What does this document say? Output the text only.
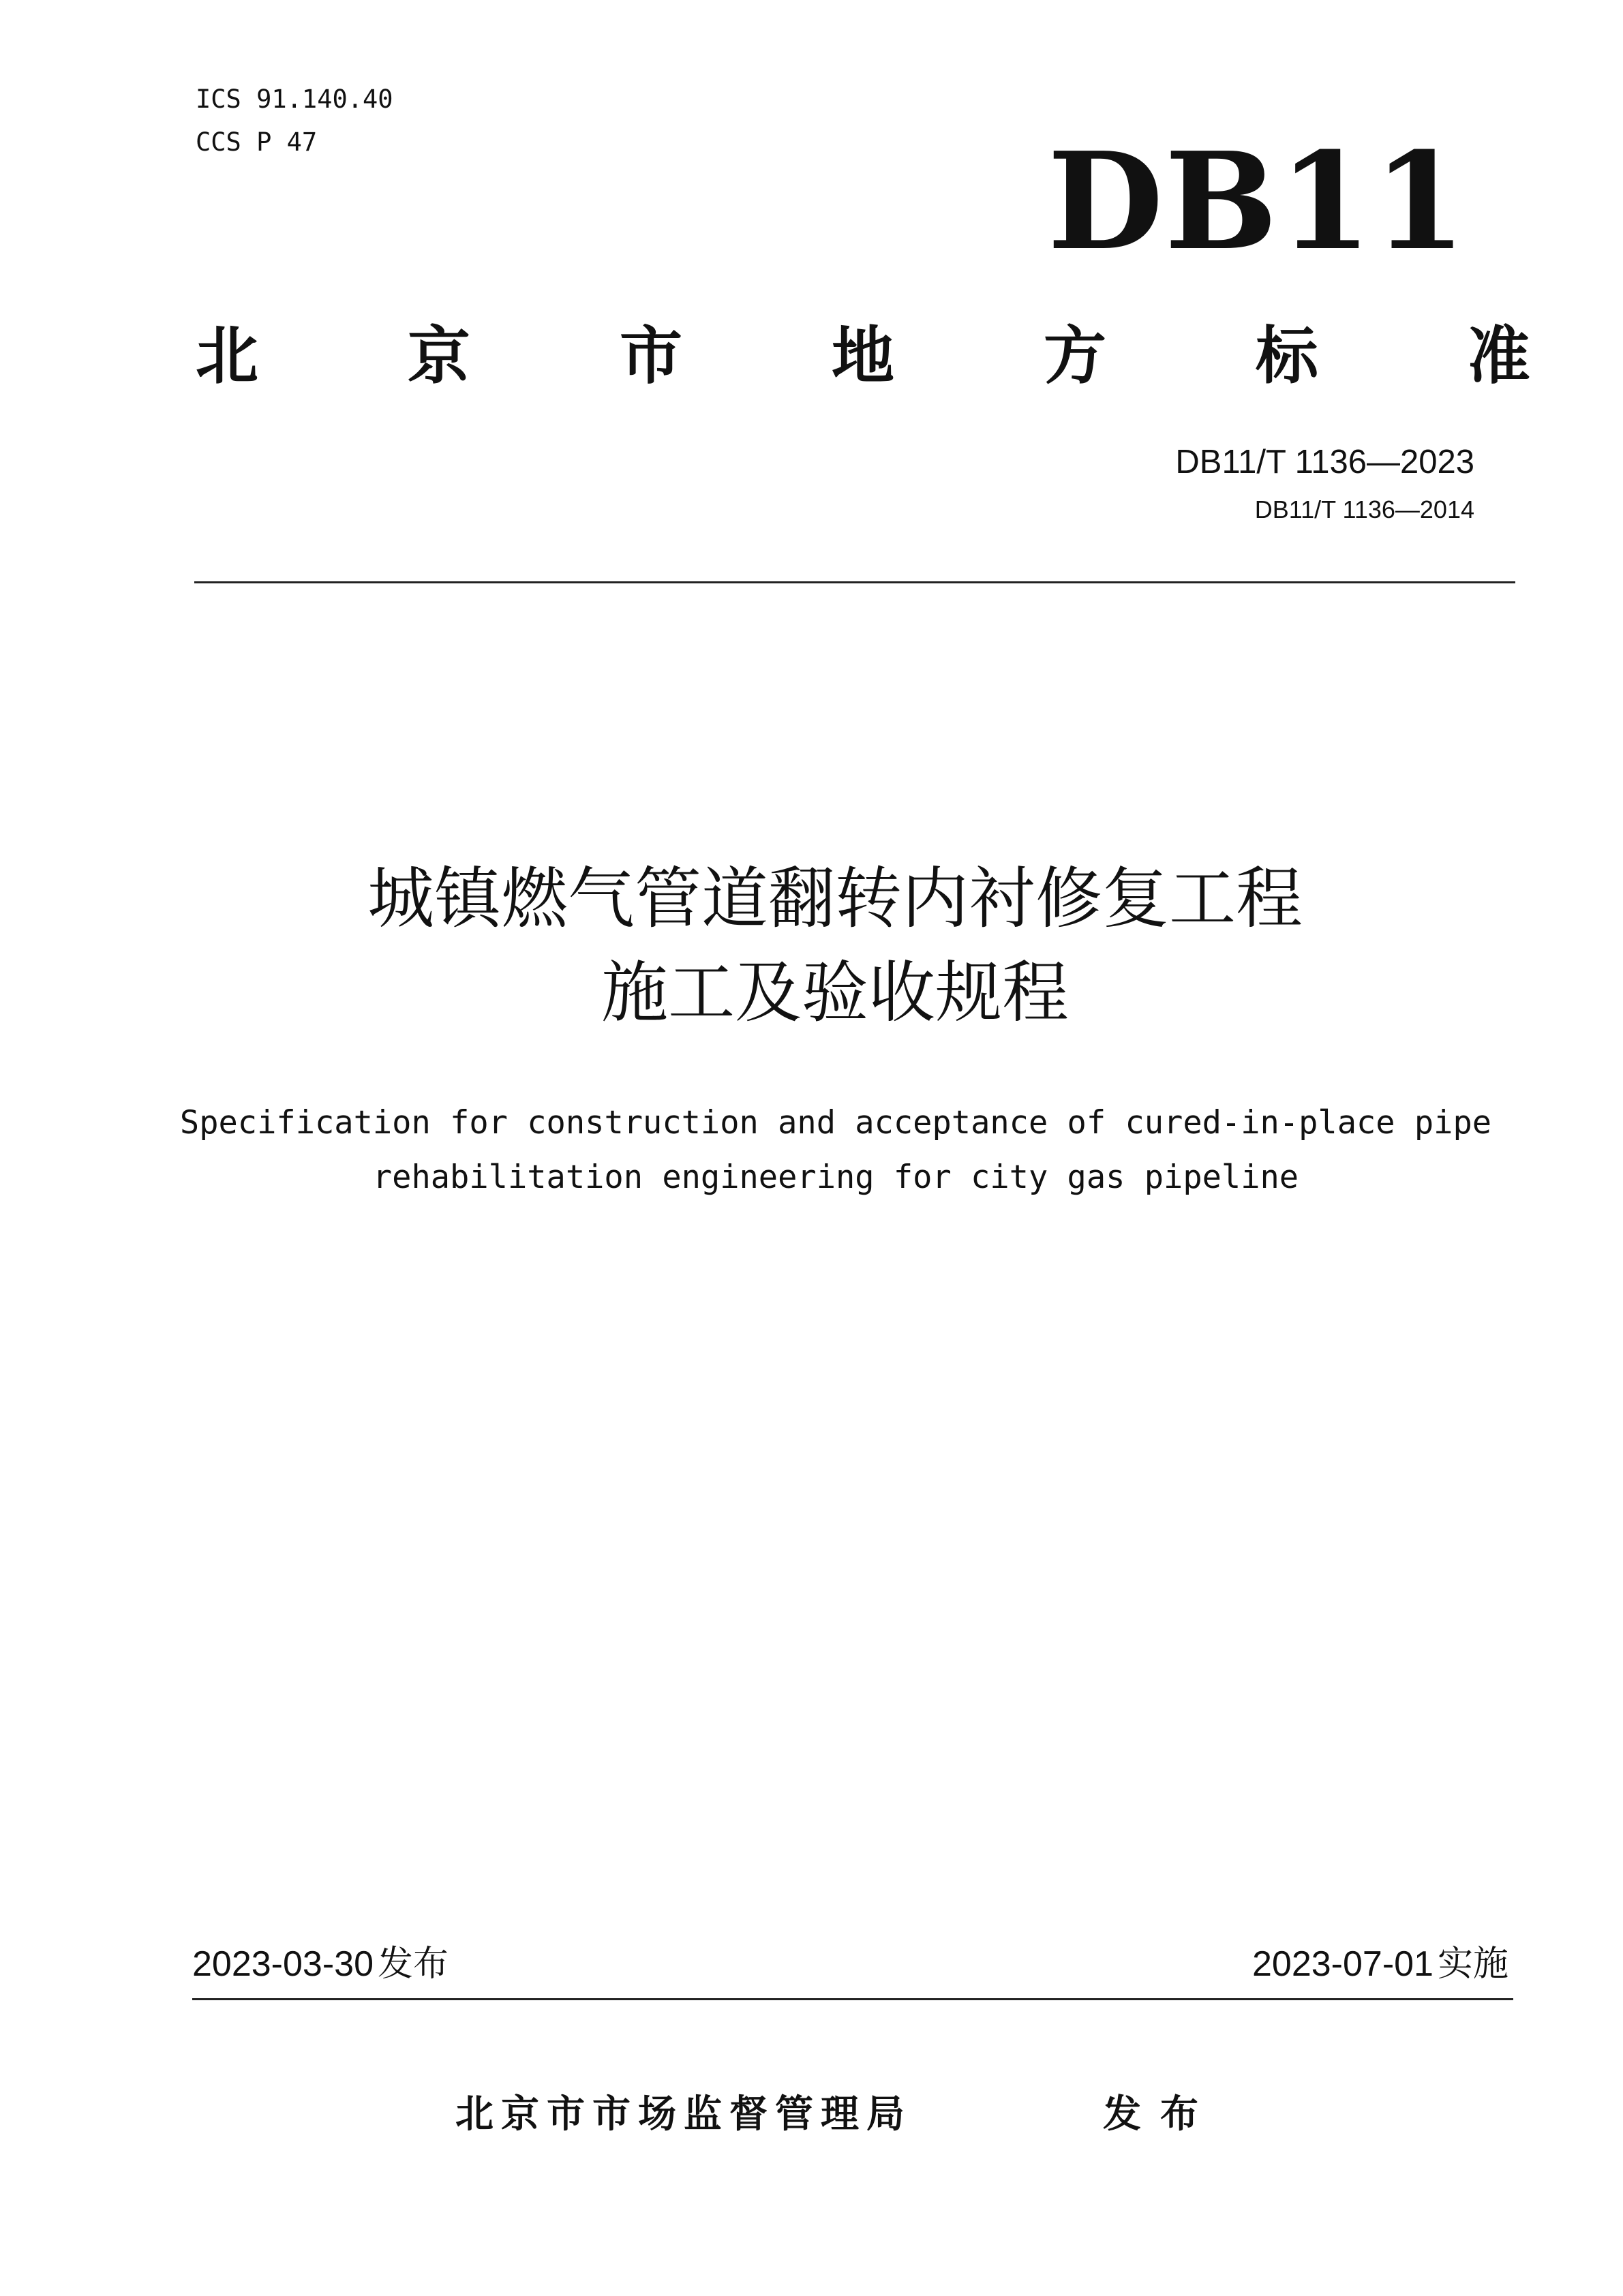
ICS 91.140.40
CCS P 47	DB11
北 京 市 地 方 标 准
DB11/T 1136—2023
DB11/T 1136—2014
城镇燃气管道翻转内衬修复工程
施工及验收规程
Specification for construction and acceptance of cured-in-place pipe
rehabilitation engineering for city gas pipeline
2023-03-30 发布	2023-07-01 实施
北京市市场监督管理局	发布
